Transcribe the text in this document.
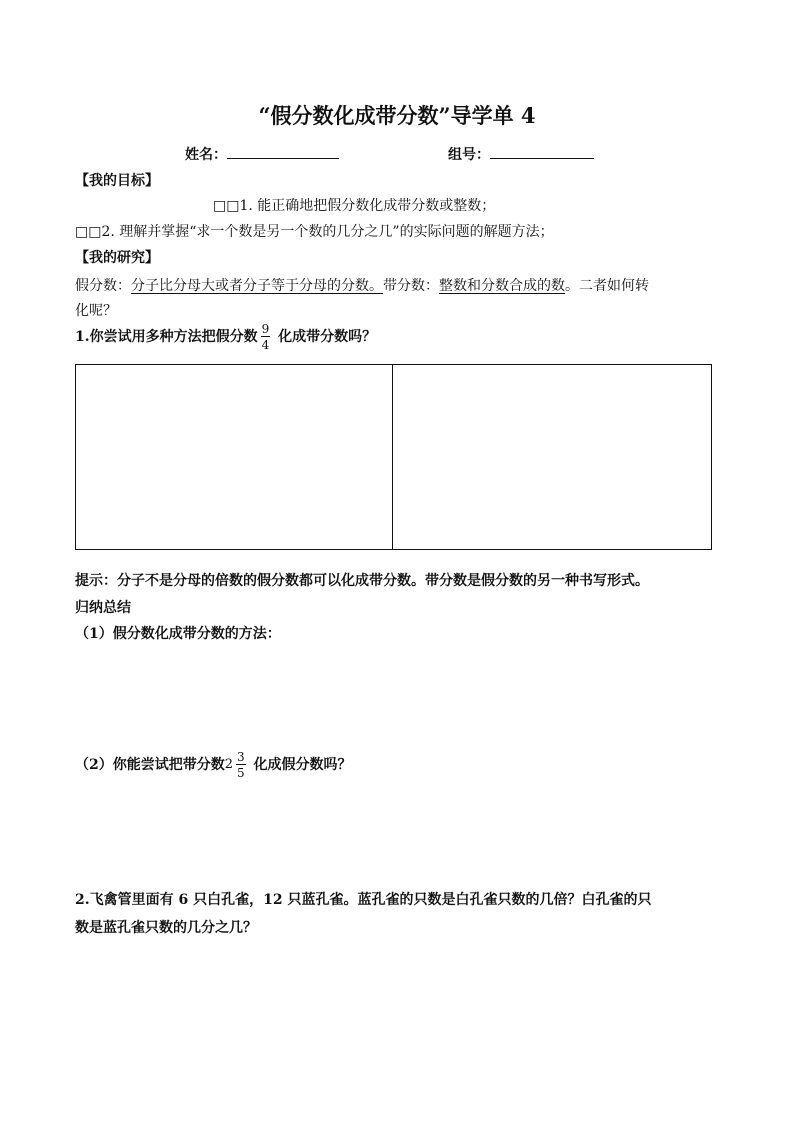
“假分数化成带分数”导学单 4
姓名：	组号：
【我的目标】
□□1. 能正确地把假分数化成带分数或整数；
□□2. 理解并掌握“求一个数是另一个数的几分之几”的实际问题的解题方法；
【我的研究】
假分数：分子比分母大或者分子等于分母的分数。带分数：整数和分数合成的数。二者如何转
化呢？
1.你尝试用多种方法把假分数 $\frac{9}{4}$ 化成带分数吗？
提示：分子不是分母的倍数的假分数都可以化成带分数。带分数是假分数的另一种书写形式。
归纳总结
（1）假分数化成带分数的方法：
（2）你能尝试把带分数$2 \frac{3}{5}$ 化成假分数吗？
2.飞禽管里面有 6 只白孔雀，12 只蓝孔雀。蓝孔雀的只数是白孔雀只数的几倍？白孔雀的只
数是蓝孔雀只数的几分之几？
